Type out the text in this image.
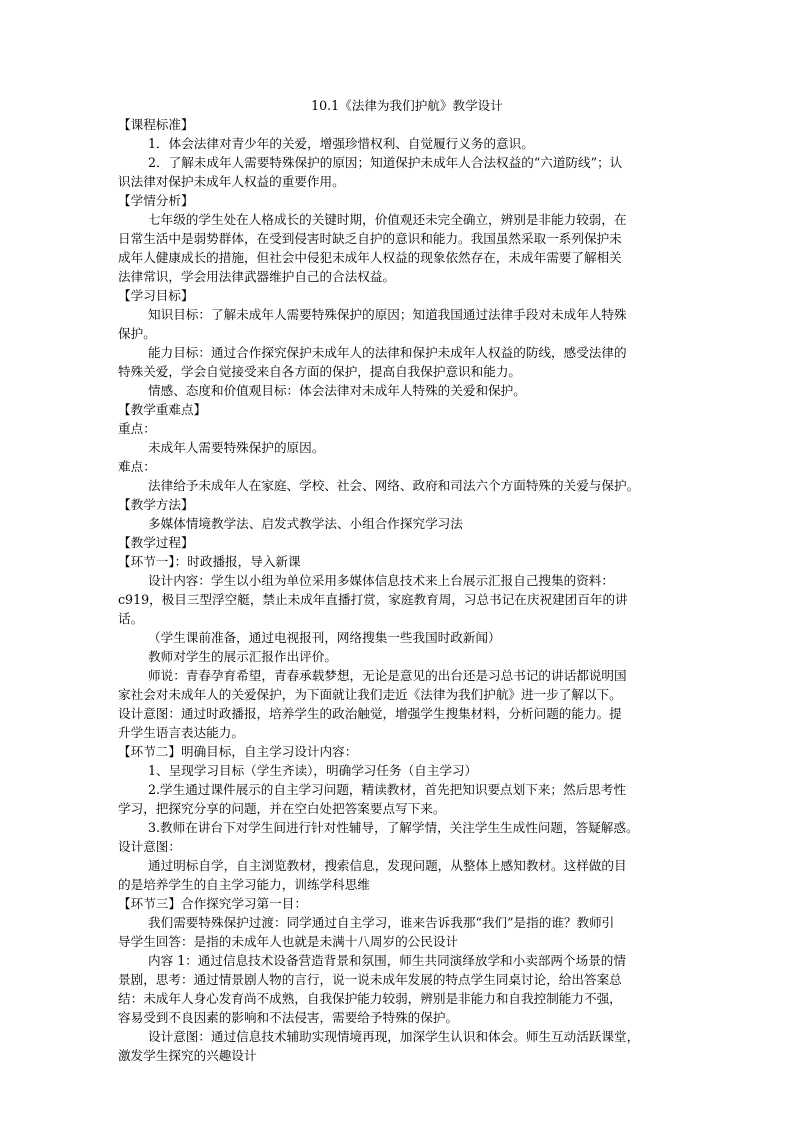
10.1《法律为我们护航》教学设计
【课程标准】
1．体会法律对青少年的关爱，增强珍惜权利、自觉履行义务的意识。
2．了解未成年人需要特殊保护的原因；知道保护未成年人合法权益的“六道防线”；认
识法律对保护未成年人权益的重要作用。
【学情分析】
七年级的学生处在人格成长的关键时期，价值观还未完全确立，辨别是非能力较弱，在
日常生活中是弱势群体，在受到侵害时缺乏自护的意识和能力。我国虽然采取一系列保护未
成年人健康成长的措施，但社会中侵犯未成年人权益的现象依然存在，未成年需要了解相关
法律常识，学会用法律武器维护自己的合法权益。
【学习目标】
知识目标：了解未成年人需要特殊保护的原因；知道我国通过法律手段对未成年人特殊
保护。
能力目标：通过合作探究保护未成年人的法律和保护未成年人权益的防线，感受法律的
特殊关爱，学会自觉接受来自各方面的保护，提高自我保护意识和能力。
情感、态度和价值观目标：体会法律对未成年人特殊的关爱和保护。
【教学重难点】
重点：
未成年人需要特殊保护的原因。
难点：
法律给予未成年人在家庭、学校、社会、网络、政府和司法六个方面特殊的关爱与保护。
【教学方法】
多媒体情境教学法、启发式教学法、小组合作探究学习法
【教学过程】
【环节一】：时政播报，导入新课
设计内容：学生以小组为单位采用多媒体信息技术来上台展示汇报自己搜集的资料：
c919，极目三型浮空艇，禁止未成年直播打赏，家庭教育周，习总书记在庆祝建团百年的讲
话。
（学生课前准备，通过电视报刊，网络搜集一些我国时政新闻）
教师对学生的展示汇报作出评价。
师说：青春孕育希望，青春承载梦想，无论是意见的出台还是习总书记的讲话都说明国
家社会对未成年人的关爱保护，为下面就让我们走近《法律为我们护航》进一步了解以下。
设计意图：通过时政播报，培养学生的政治触觉，增强学生搜集材料，分析问题的能力。提
升学生语言表达能力。
【环节二】明确目标，自主学习设计内容：
1、呈现学习目标（学生齐读），明确学习任务（自主学习）
2.学生通过课件展示的自主学习问题，精读教材，首先把知识要点划下来；然后思考性
学习，把探究分享的问题，并在空白处把答案要点写下来。
3.教师在讲台下对学生间进行针对性辅导，了解学情，关注学生生成性问题，答疑解惑。
设计意图：
通过明标自学，自主浏览教材，搜索信息，发现问题，从整体上感知教材。这样做的目
的是培养学生的自主学习能力，训练学科思维
【环节三】合作探究学习第一目：
我们需要特殊保护过渡：同学通过自主学习，谁来告诉我那“我们”是指的谁？教师引
导学生回答：是指的未成年人也就是未满十八周岁的公民设计
内容 1：通过信息技术设备营造背景和氛围，师生共同演绎放学和小卖部两个场景的情
景剧，思考：通过情景剧人物的言行，说一说未成年发展的特点学生同桌讨论，给出答案总
结：未成年人身心发育尚不成熟，自我保护能力较弱，辨别是非能力和自我控制能力不强，
容易受到不良因素的影响和不法侵害，需要给予特殊的保护。
设计意图：通过信息技术辅助实现情境再现，加深学生认识和体会。师生互动活跃课堂，
激发学生探究的兴趣设计
